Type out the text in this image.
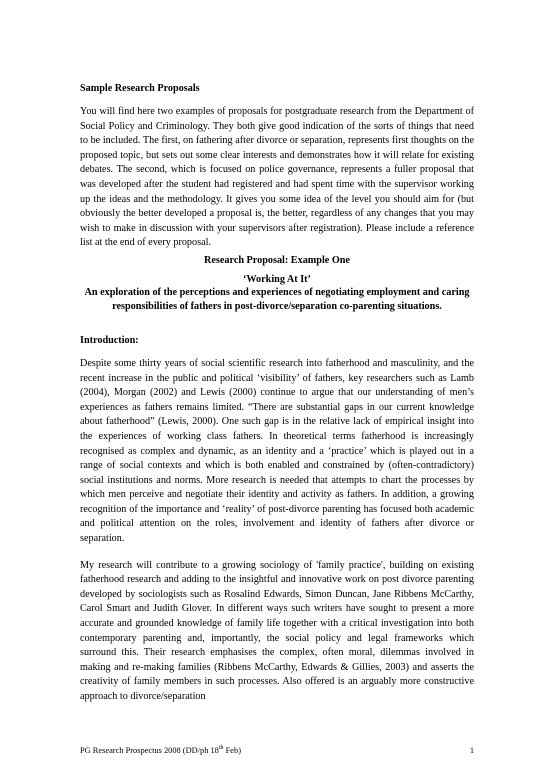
Sample Research Proposals

You will find here two examples of proposals for postgraduate research from the Department of Social Policy and Criminology. They both give good indication of the sorts of things that need to be included. The first, on fathering after divorce or separation, represents first thoughts on the proposed topic, but sets out some clear interests and demonstrates how it will relate for existing debates. The second, which is focused on police governance, represents a fuller proposal that was developed after the student had registered and had spent time with the supervisor working up the ideas and the methodology. It gives you some idea of the level you should aim for (but obviously the better developed a proposal is, the better, regardless of any changes that you may wish to make in discussion with your supervisors after registration). Please include a reference list at the end of every proposal.

Research Proposal: Example One
‘Working At It’
An exploration of the perceptions and experiences of negotiating employment and caring responsibilities of fathers in post-divorce/separation co-parenting situations.
Introduction:

Despite some thirty years of social scientific research into fatherhood and masculinity, and the recent increase in the public and political ‘visibility’ of fathers, key researchers such as Lamb (2004), Morgan (2002) and Lewis (2000) continue to argue that our understanding of men’s experiences as fathers remains limited. “There are substantial gaps in our current knowledge about fatherhood” (Lewis, 2000). One such gap is in the relative lack of empirical insight into the experiences of working class fathers. In theoretical terms fatherhood is increasingly recognised as complex and dynamic, as an identity and a ‘practice’ which is played out in a range of social contexts and which is both enabled and constrained by (often-contradictory) social institutions and norms. More research is needed that attempts to chart the processes by which men perceive and negotiate their identity and activity as fathers. In addition, a growing recognition of the importance and ‘reality’ of post-divorce parenting has focused both academic and political attention on the roles, involvement and identity of fathers after divorce or separation.

My research will contribute to a growing sociology of 'family practice', building on existing fatherhood research and adding to the insightful and innovative work on post divorce parenting developed by sociologists such as Rosalind Edwards, Simon Duncan, Jane Ribbens McCarthy, Carol Smart and Judith Glover. In different ways such writers have sought to present a more accurate and grounded knowledge of family life together with a critical investigation into both contemporary parenting and, importantly, the social policy and legal frameworks which surround this. Their research emphasises the complex, often moral, dilemmas involved in making and re-making families (Ribbens McCarthy, Edwards & Gillies, 2003) and asserts the creativity of family members in such processes. Also offered is an arguably more constructive approach to divorce/separation

PG Research Prospectus 2008 (DD/ph 18th Feb)	1
